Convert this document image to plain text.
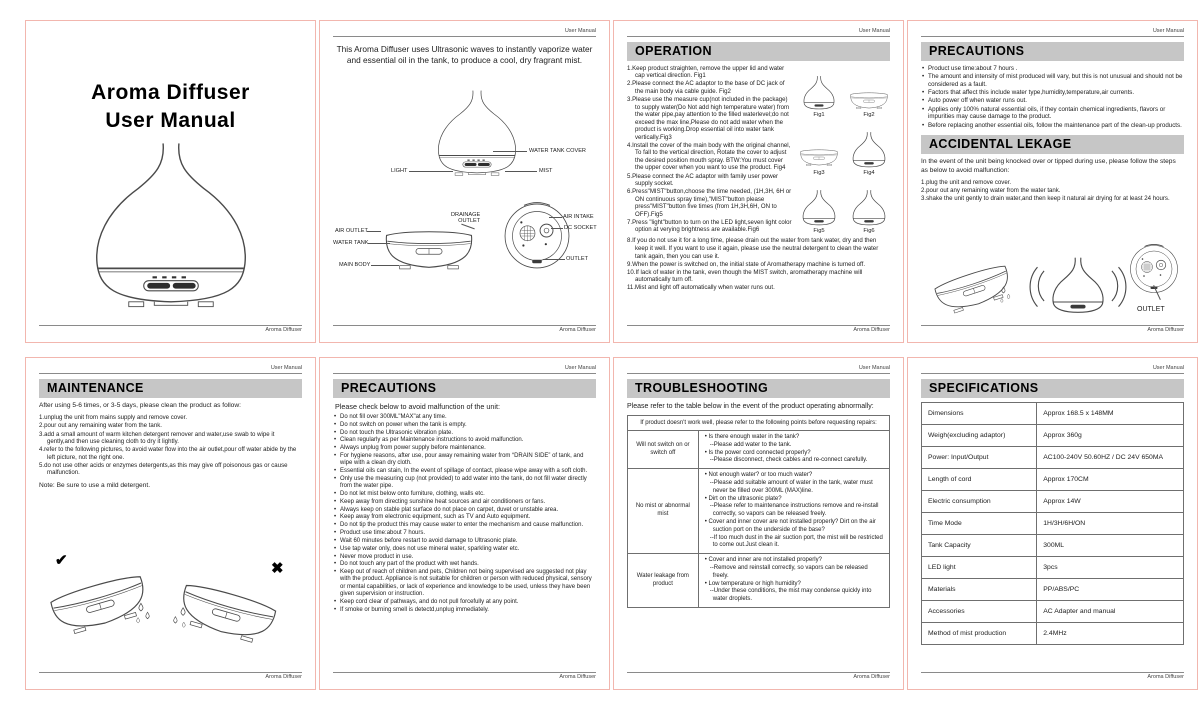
Aroma Diffuser
User Manual
Aroma Diffuser
User Manual
This Aroma Diffuser uses Ultrasonic waves to instantly vaporize water and essential oil in the tank, to produce a cool, dry fragrant mist.
WATER TANK COVER
LIGHT	MIST
DRAINAGE
OUTLET
AIR OUTLET
WATER TANK
MAIN BODY
AIR INTAKE
DC SOCKET
OUTLET
Aroma Diffuser
User Manual
OPERATION
1.Keep product straighten, remove the upper lid and water cap vertical direction. Fig1
2.Please connect the AC adaptor to the base of DC jack of the main body via cable guide. Fig2
3.Please use the measure cup(not included in the package) to supply water(Do Not add high temperature water) from the water pipe,pay attention to the filled waterlevel;do not exceed the max line,Please do not add water when the product is working.Drop essential oil into water tank vertically.Fig3
4.Install the cover of the main body with the original channel, To fall to the vertical direction, Rotate the cover to adjust the desired position mouth spray. BTW:You must cover the upper cover when you want to use the product. Fig4
5.Please connect the AC adaptor with family user power supply socket.
6.Press"MIST"button,choose the time needed, (1H,3H, 6H or ON continuous spray time),"MIST"button please press"MIST"button five times (from 1H,3H,6H, ON to OFF).Fig5
7.Press "light"button to turn on the LED light,seven light color option at verying brightness are available.Fig6
Fig1	Fig2
Fig3	Fig4
Fig5	Fig6
8.If you do not use it for a long time, please drain out the water from tank water, dry and then keep it well. If you want to use it again, please use the neutral detergent to clean the water tank again, then you can use it.
9.When the power is switched on, the initial state of Aromatherapy machine is turned off.
10.If lack of water in the tank, even though the MIST switch, aromatherapy machine will automatically turn off.
11.Mist and light off automatically when water runs out.
Aroma Diffuser
User Manual
PRECAUTIONS
• Product use time:about 7 hours .
• The amount and intensity of mist produced will vary, but this is not unusual and should not be considered as a fault.
• Factors that affect this include water type,humidity,temperature,air currents.
• Auto power off when water runs out.
• Applies only 100% natural essential oils, if they contain chemical ingredients, flavors or impurities may cause damage to the product.
• Before replacing another essential oils, follow the maintenance part of the clean-up products.
ACCIDENTAL LEKAGE
In the event of the unit being knocked over or tipped during use, please follow the steps as below to avoid malfunction:
1.plug the unit and remove cover.
2.pour out any remaining water from the water tank.
3.shake the unit gently to drain water,and then keep it natural air drying for at least 24 hours.
OUTLET
Aroma Diffuser
User Manual
MAINTENANCE
After using 5-6 times, or 3-5 days, please clean the product as follow:
1.unplug the unit from mains supply and remove cover.
2.pour out any remaining water from the tank.
3.add a small amount of warm kitchen detergent remover and water,use swab to wipe it gently,and then use cleaning cloth to dry it lightly.
4.refer to the following pictures, to avoid water flow into the air outlet,pour off water abide by the left picture, not the right one.
5.do not use other acids or enzymes detergents,as this may give off poisonous gas or cause malfunction.
Note: Be sure to use a mild detergent.
✔	✖
Aroma Diffuser
User Manual
PRECAUTIONS
Please check below to avoid malfunction of the unit:
• Do not fill over 300ML"MAX"at any time.
• Do not switch on power when the tank is empty.
• Do not touch the Ultrasonic vibration plate.
• Clean regularly as per Maintenance instructions to avoid malfunction.
• Always unplug from power supply before maintenance.
• For hygiene reasons, after use, pour away remaining water from “DRAIN SIDE” of tank, and wipe with a clean dry cloth.
• Essential oils can stain, In the event of spillage of contact, please wipe away with a soft cloth.
• Only use the measuring cup (not provided) to add water into the tank, do not fill water directly from the water pipe.
• Do not let mist below onto furniture, clothing, walls etc.
• Keep away from directing sunshine heat sources and air conditioners or fans.
• Always keep on stable plat surface do not place on carpet, duvet or unstable area.
• Keep away from electronic equipment, such as TV and Auto equipment.
• Do not tip the product this may cause water to enter the mechanism and cause malfunction.
• Product use time:about 7 hours.
• Wait 60 minutes before restart to avoid damage to Ultrasonic plate.
• Use tap water only, does not use mineral water, sparkling water etc.
• Never move product in use.
• Do not touch any part of the product with wet hands.
• Keep out of reach of children and pets, Children not being supervised are suggested not play with the product. Appliance is not suitable for children or person with reduced physical, sensory or mental capabilities, or lack of experience and knowledge to be used, unless they have been given supervision or instruction.
• Keep cord clear of pathways, and do not pull forcefully at any point.
• If smoke or burning smell is detectd,unplug immediately.
Aroma Diffuser
User Manual
TROUBLESHOOTING
Please refer to the table below in the event of the product operating abnormally:
If product doesn't work well, please refer to the following points before requesting repairs:	
Will not switch on or switch off	• Is there enough water in the tank?
--Please add water to the tank.
• Is the power cord connected properly?
--Please disconnect, check cables and re-connect carefully.

No mist or abnormal mist	
• Not enough water? or too much water?
--Please add suitable amount of water in the tank, water must never be filled over 300ML (MAX)line.
• Dirt on the ultrasonic plate?
--Please refer to maintenance instructions remove and re-install correctly, so vapors can be released freely.
• Cover and inner cover are not installed properly? Dirt on the air suction port on the underside of the base?
--If too much dust in the air suction port, the mist will be restricted to come out.Just clean it.

Water leakage from product	• Cover and inner are not installed properly?
--Remove and reinstall correctly, so vapors can be released freely.
• Low temperature or high humidity?
--Under these conditions, the mist may condense quickly into water droplets.
Aroma Diffuser
User Manual
SPECIFICATIONS
Dimensions	Approx 168.5 x 148MM
Weigh(excluding adaptor)	Approx 360g
Power: Input/Output	AC100-240V 50.60HZ / DC 24V 650MA
Length of cord	Approx 170CM
Electric consumption	Approx 14W
Time Mode	1H/3H/6H/ON
Tank Capacity	300ML
LED light	3pcs
Materials	PP/ABS/PC
Accessories	AC Adapter and manual
Method of mist production	2.4MHz
Aroma Diffuser
